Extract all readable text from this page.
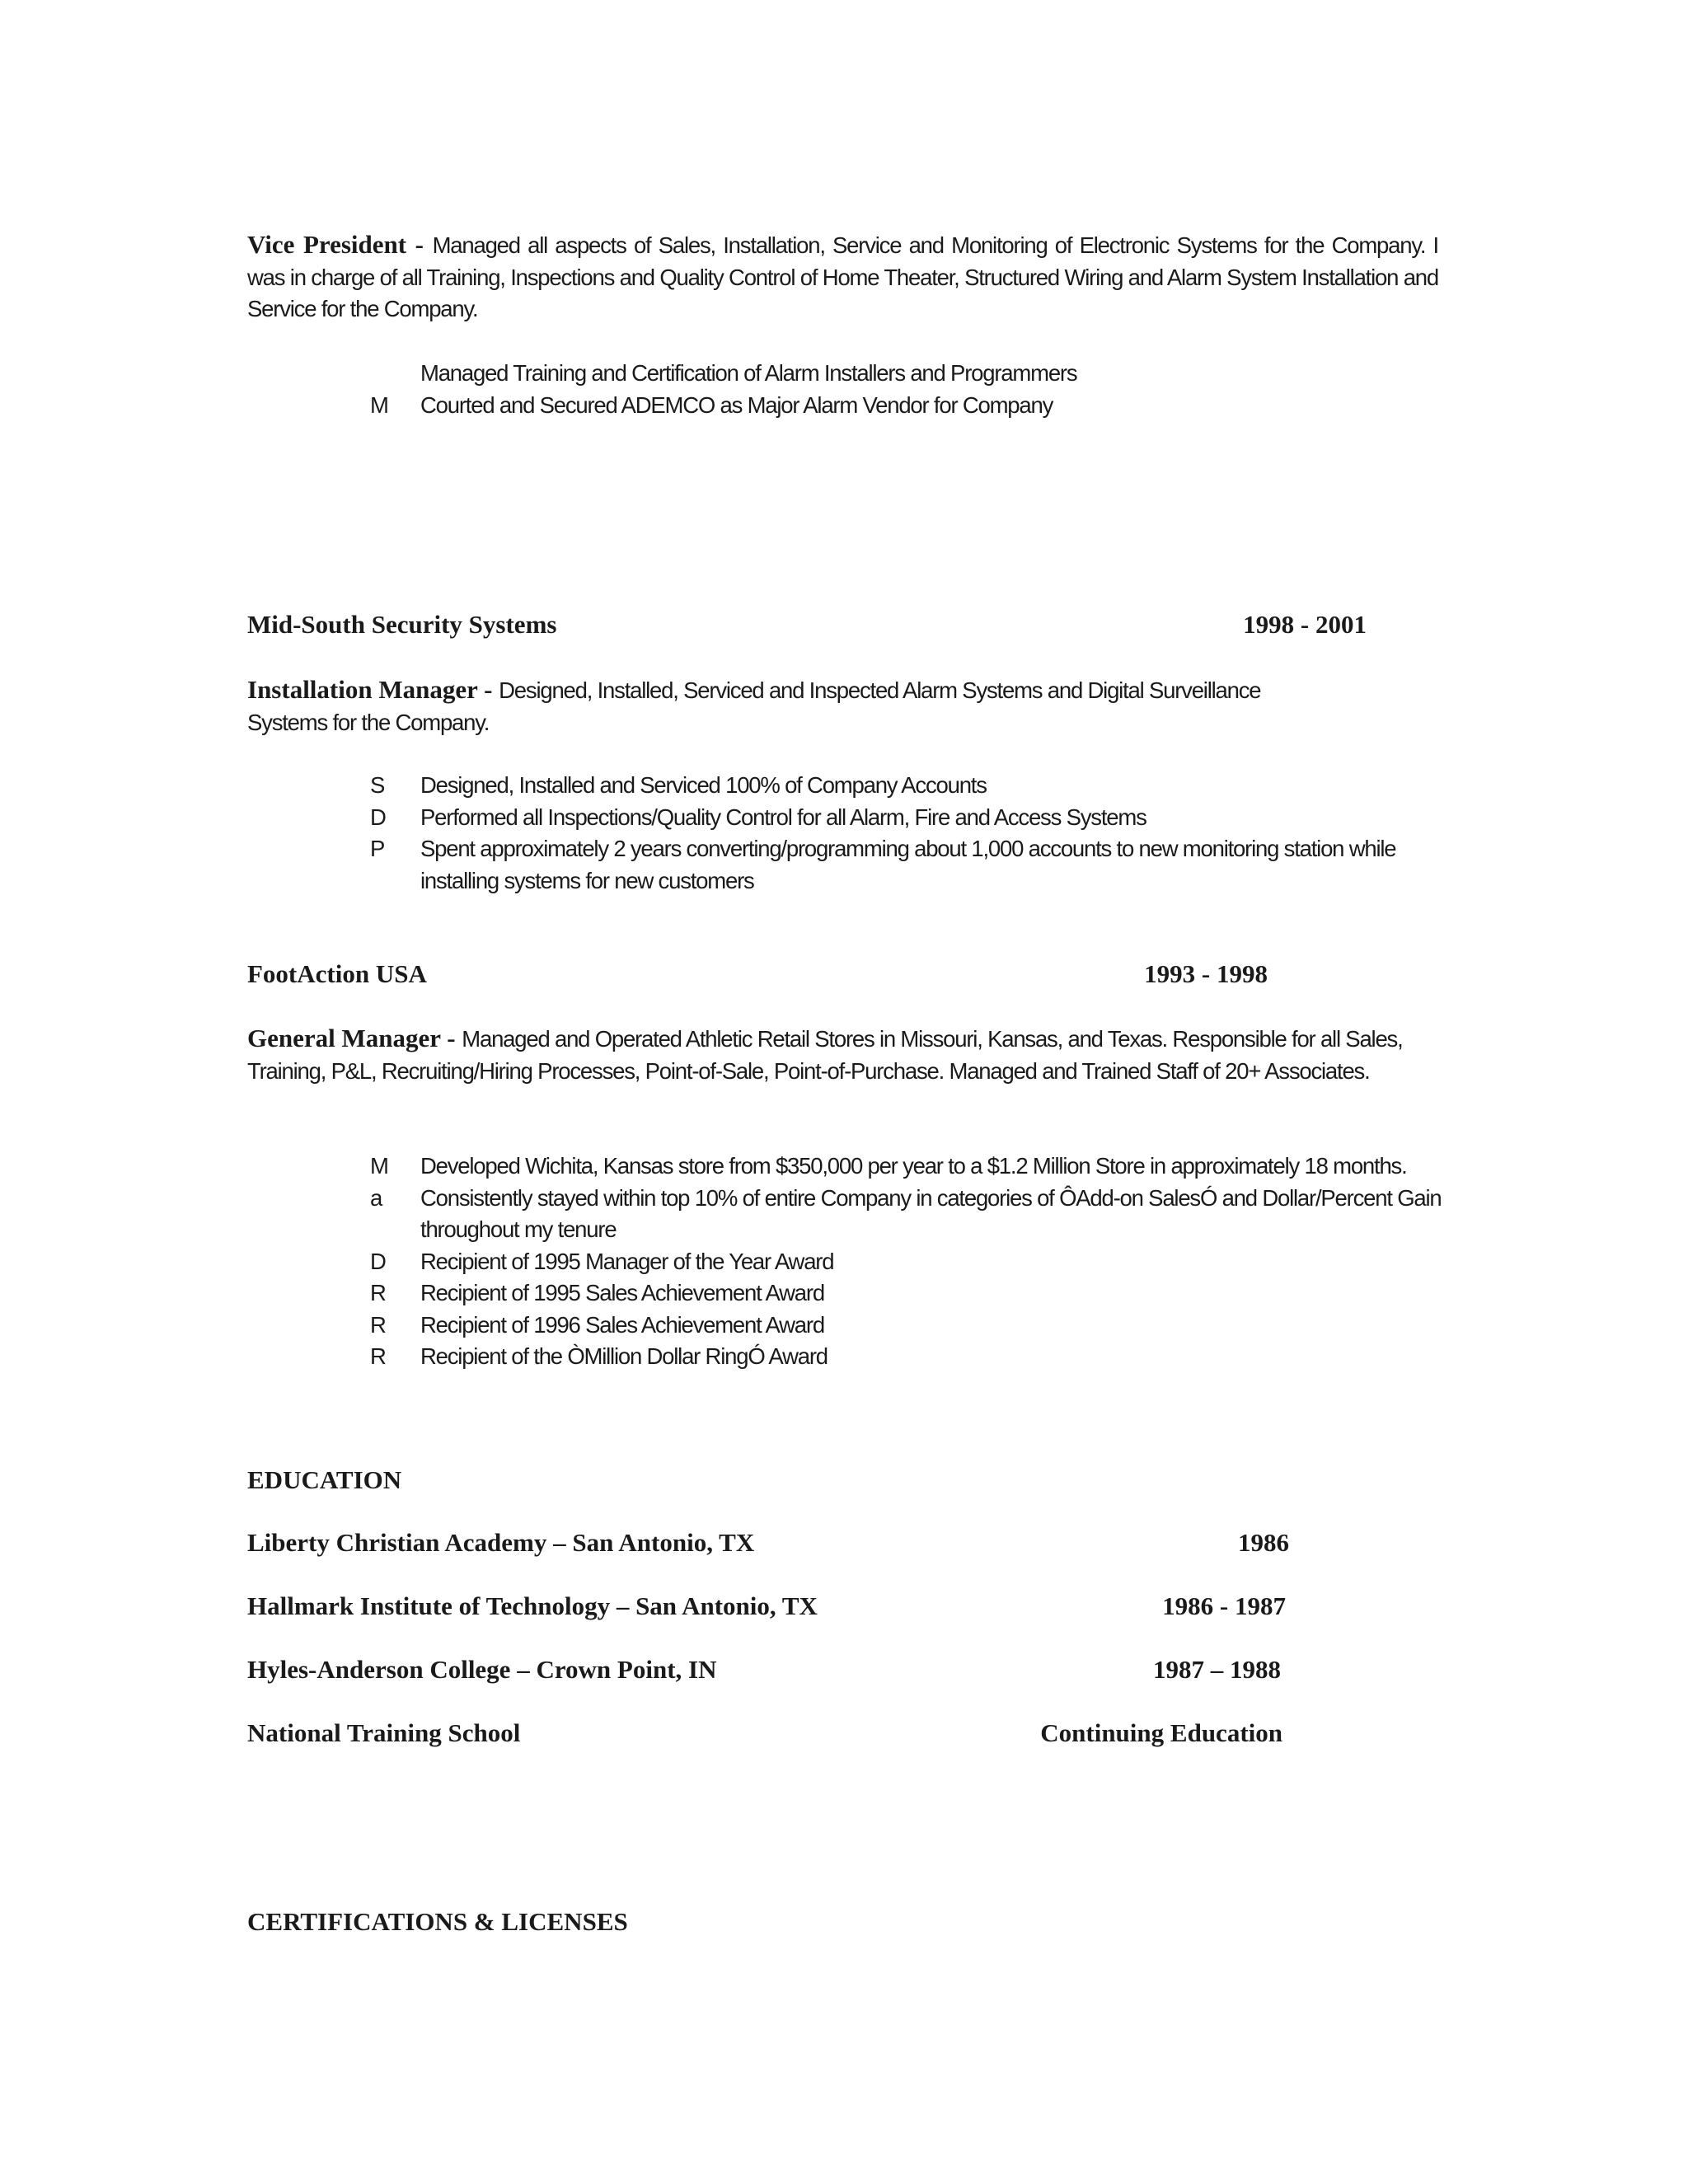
Vice President - Managed all aspects of Sales, Installation, Service and Monitoring of Electronic Systems for the Company. I was in charge of all Training, Inspections and Quality Control of Home Theater, Structured Wiring and Alarm System Installation and Service for the Company.

Managed Training and Certification of Alarm Installers and Programmers
M	Courted and Secured ADEMCO as Major Alarm Vendor for Company
Mid-South Security Systems	1998 - 2001

Installation Manager - Designed, Installed, Serviced and Inspected Alarm Systems and Digital Surveillance Systems for the Company.

S	Designed, Installed and Serviced 100% of Company Accounts
D	Performed all Inspections/Quality Control for all Alarm, Fire and Access Systems
P	Spent approximately 2 years converting/programming about 1,000 accounts to new monitoring station while installing systems for new customers
FootAction USA	1993 - 1998

General Manager - Managed and Operated Athletic Retail Stores in Missouri, Kansas, and Texas. Responsible for all Sales, Training, P&L, Recruiting/Hiring Processes, Point-of-Sale, Point-of-Purchase. Managed and Trained Staff of 20+ Associates.

M	Developed Wichita, Kansas store from $350,000 per year to a $1.2 Million Store in approximately 18 months.
a	Consistently stayed within top 10% of entire Company in categories of ÔAdd-on SalesÓ and Dollar/Percent Gain throughout my tenure
D	Recipient of 1995 Manager of the Year Award
R	Recipient of 1995 Sales Achievement Award
R	Recipient of 1996 Sales Achievement Award
R	Recipient of the ÒMillion Dollar RingÓ Award
EDUCATION
Liberty Christian Academy – San Antonio, TX	1986
Hallmark Institute of Technology – San Antonio, TX	1986 - 1987
Hyles-Anderson College – Crown Point, IN	1987 – 1988
National Training School	Continuing Education
CERTIFICATIONS & LICENSES
